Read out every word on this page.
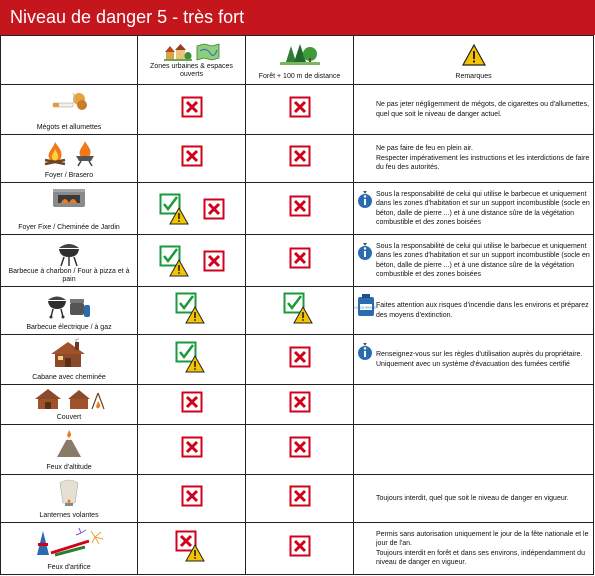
Niveau de danger 5 - très fort

	Zones urbaines & espaces ouverts	Forêt + 100 m de distance	Remarques

Mégots et allumettes			Ne pas jeter négligemment de mégots, de cigarettes ou d'allumettes, quel que soit le niveau de danger actuel.

Foyer / Brasero			Ne pas faire de feu en plein air.
Respecter impérativement les instructions et les interdictions de faire du feu des autorités.

Foyer Fixe / Cheminée de Jardin			Sous la responsabilité de celui qui utilise le barbecue et uniquement dans les zones d'habitation et sur un support incombustible (socle en béton, dalle de pierre ...) et à une distance sûre de la végétation combustible et des zones boisées

Barbecue à charbon / Four à pizza et à pain			Sous la responsabilité de celui qui utilise le barbecue et uniquement dans les zones d'habitation et sur un support incombustible (socle en béton, dalle de pierre ...) et à une distance sûre de la végétation combustible et des zones boisées

Barbecue électrique / à gaz			LÖSCH WASSER
Faites attention aux risques d'incendie dans les environs et préparez des moyens d'extinction.

Cabane avec cheminée			Renseignez-vous sur les règles d'utilisation auprès du propriétaire. Uniquement avec un système d'évacuation des fumées certifié

Couvert

Feux d'altitude

Lanternes volantes			Toujours interdit, quel que soit le niveau de danger en vigueur.

Feux d'artifice			Permis sans autorisation uniquement le jour de la fête nationale et le jour de l'an.
Toujours interdit en forêt et dans ses environs, indépendamment du niveau de danger en vigueur.
